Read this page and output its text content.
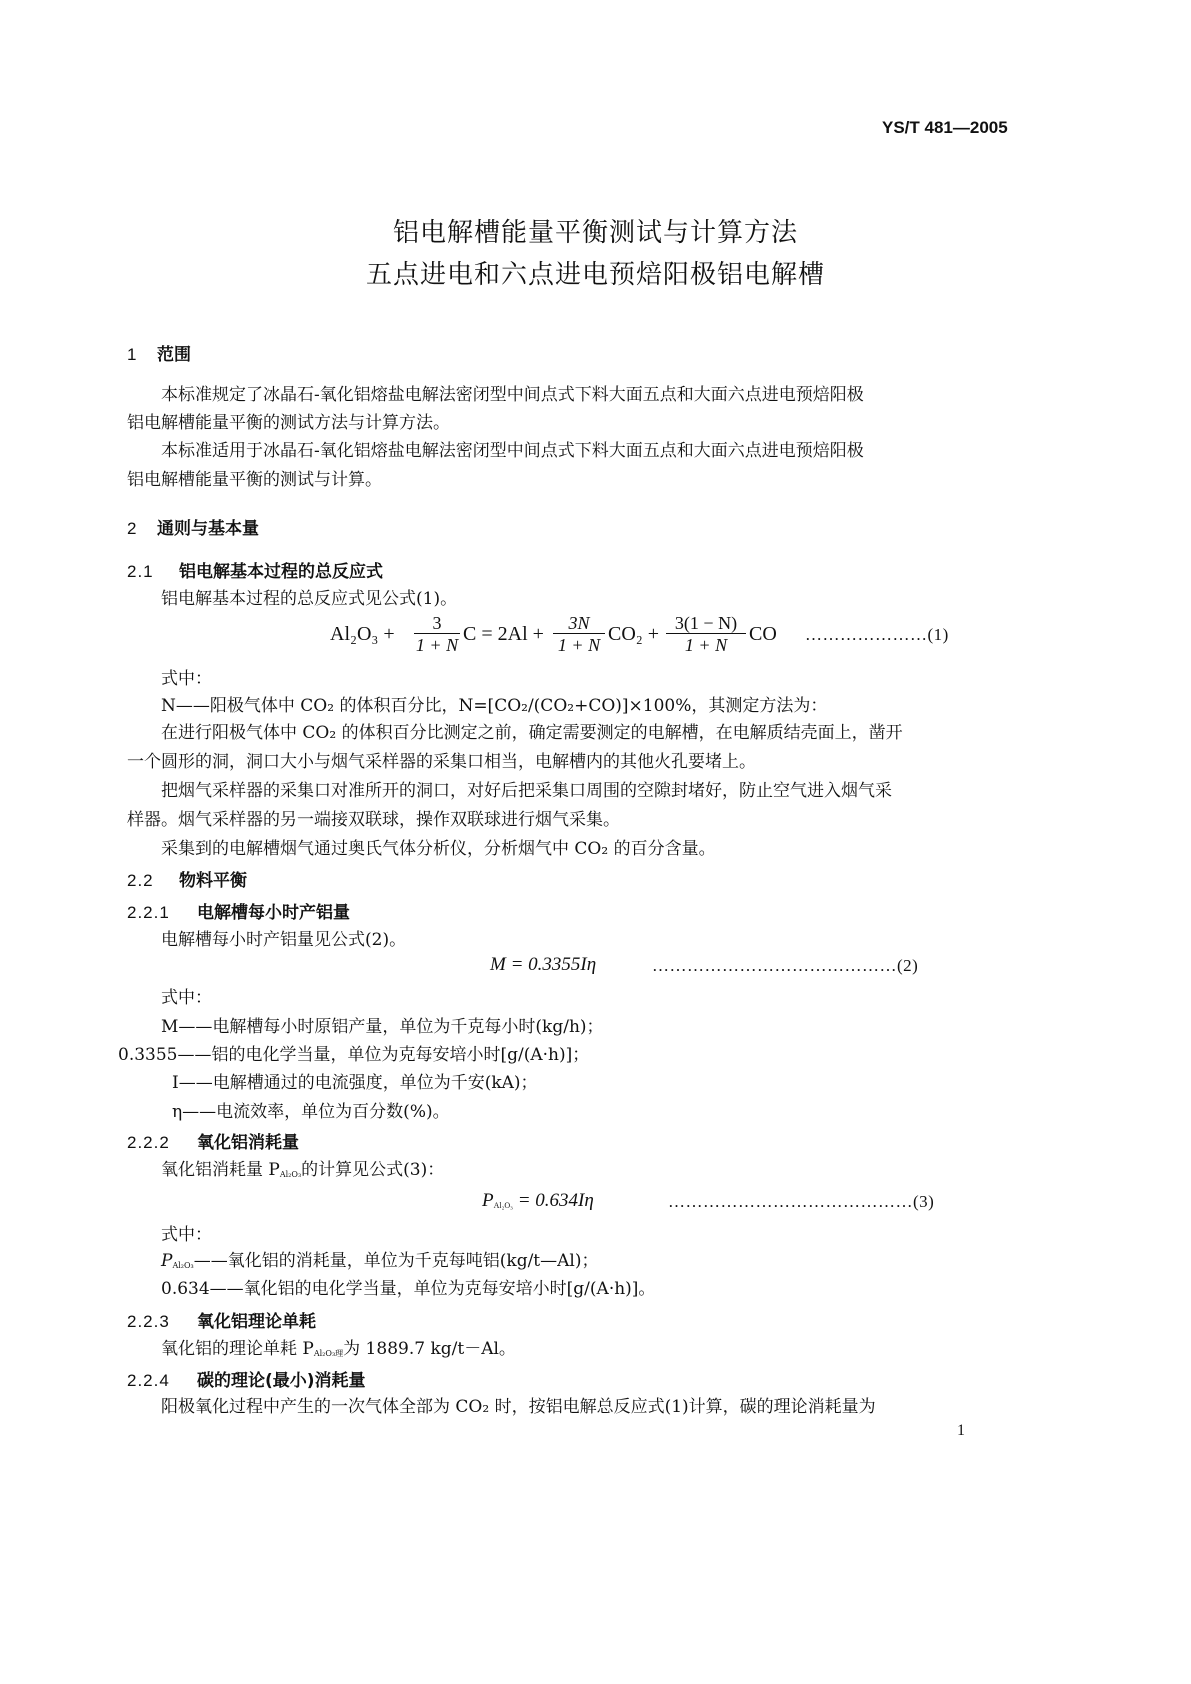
YS/T 481—2005
铝电解槽能量平衡测试与计算方法
五点进电和六点进电预焙阳极铝电解槽
1 范围
本标准规定了冰晶石-氧化铝熔盐电解法密闭型中间点式下料大面五点和大面六点进电预焙阳极
铝电解槽能量平衡的测试方法与计算方法。
本标准适用于冰晶石-氧化铝熔盐电解法密闭型中间点式下料大面五点和大面六点进电预焙阳极
铝电解槽能量平衡的测试与计算。
2 通则与基本量
2.1 铝电解基本过程的总反应式
铝电解基本过程的总反应式见公式(1)。
$Al_2O_3 + \frac{3}{1 + N}$ $C = 2Al + \frac{3N}{1 + N} CO_2 + \frac{3(1 - N)}{1 + N}$ CO …………………(1)
式中：
N——阳极气体中 CO₂ 的体积百分比，N=[CO₂/(CO₂+CO)]×100%，其测定方法为：
在进行阳极气体中 CO₂ 的体积百分比测定之前，确定需要测定的电解槽，在电解质结壳面上，凿开
一个圆形的洞，洞口大小与烟气采样器的采集口相当，电解槽内的其他火孔要堵上。
把烟气采样器的采集口对准所开的洞口，对好后把采集口周围的空隙封堵好，防止空气进入烟气采
样器。烟气采样器的另一端接双联球，操作双联球进行烟气采集。
采集到的电解槽烟气通过奥氏气体分析仪，分析烟气中 CO₂ 的百分含量。
2.2 物料平衡
2.2.1 电解槽每小时产铝量
电解槽每小时产铝量见公式(2)。
M = 0.3355Iη	……………………………………(2)
式中：
M——电解槽每小时原铝产量，单位为千克每小时(kg/h)；
0.3355——铝的电化学当量，单位为克每安培小时[g/(A·h)]；
I——电解槽通过的电流强度，单位为千安(kA)；
η——电流效率，单位为百分数(%)。
2.2.2 氧化铝消耗量
氧化铝消耗量 PAl₂O₃的计算见公式(3)：
PAl₂O₃ = 0.634Iη	……………………………………(3)
式中：
PAl₂O₃——氧化铝的消耗量，单位为千克每吨铝(kg/t—Al)；
0.634——氧化铝的电化学当量，单位为克每安培小时[g/(A·h)]。
2.2.3 氧化铝理论单耗
氧化铝的理论单耗 PAl₂O₃理为 1889.7 kg/t－Al。
2.2.4 碳的理论(最小)消耗量
阳极氧化过程中产生的一次气体全部为 CO₂ 时，按铝电解总反应式(1)计算，碳的理论消耗量为
1
